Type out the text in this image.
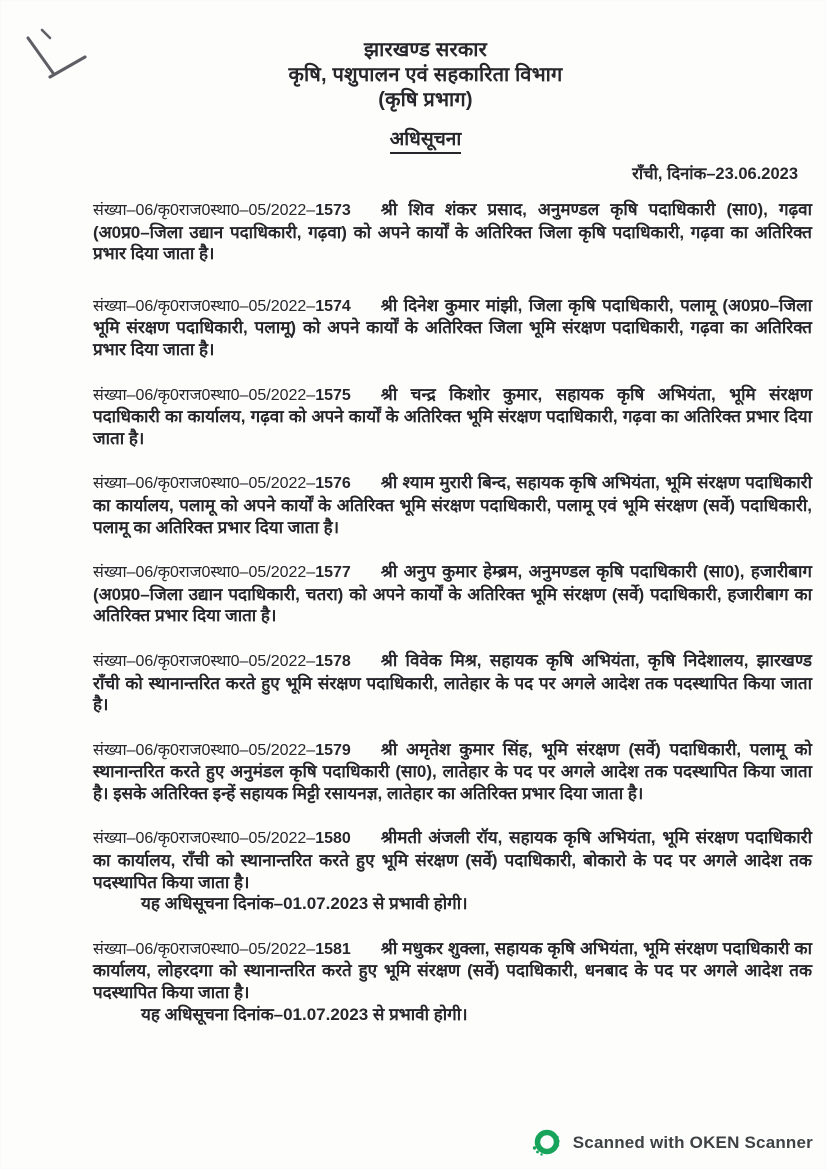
झारखण्ड सरकार
कृषि, पशुपालन एवं सहकारिता विभाग
(कृषि प्रभाग)
अधिसूचना
राँची, दिनांक–23.06.2023

संख्या–06/कृ0राज0स्था0–05/2022–1573 श्री शिव शंकर प्रसाद, अनुमण्डल कृषि पदाधिकारी (सा0), गढ़वा (अ0प्र0–जिला उद्यान पदाधिकारी, गढ़वा) को अपने कार्यों के अतिरिक्त जिला कृषि पदाधिकारी, गढ़वा का अतिरिक्त प्रभार दिया जाता है।

संख्या–06/कृ0राज0स्था0–05/2022–1574 श्री दिनेश कुमार मांझी, जिला कृषि पदाधिकारी, पलामू (अ0प्र0–जिला भूमि संरक्षण पदाधिकारी, पलामू) को अपने कार्यों के अतिरिक्त जिला भूमि संरक्षण पदाधिकारी, गढ़वा का अतिरिक्त प्रभार दिया जाता है।

संख्या–06/कृ0राज0स्था0–05/2022–1575 श्री चन्द्र किशोर कुमार, सहायक कृषि अभियंता, भूमि संरक्षण पदाधिकारी का कार्यालय, गढ़वा को अपने कार्यों के अतिरिक्त भूमि संरक्षण पदाधिकारी, गढ़वा का अतिरिक्त प्रभार दिया जाता है।

संख्या–06/कृ0राज0स्था0–05/2022–1576 श्री श्याम मुरारी बिन्द, सहायक कृषि अभियंता, भूमि संरक्षण पदाधिकारी का कार्यालय, पलामू को अपने कार्यों के अतिरिक्त भूमि संरक्षण पदाधिकारी, पलामू एवं भूमि संरक्षण (सर्वे) पदाधिकारी, पलामू का अतिरिक्त प्रभार दिया जाता है।

संख्या–06/कृ0राज0स्था0–05/2022–1577 श्री अनुप कुमार हेम्ब्रम, अनुमण्डल कृषि पदाधिकारी (सा0), हजारीबाग (अ0प्र0–जिला उद्यान पदाधिकारी, चतरा) को अपने कार्यों के अतिरिक्त भूमि संरक्षण (सर्वे) पदाधिकारी, हजारीबाग का अतिरिक्त प्रभार दिया जाता है।

संख्या–06/कृ0राज0स्था0–05/2022–1578 श्री विवेक मिश्र, सहायक कृषि अभियंता, कृषि निदेशालय, झारखण्ड राँची को स्थानान्तरित करते हुए भूमि संरक्षण पदाधिकारी, लातेहार के पद पर अगले आदेश तक पदस्थापित किया जाता है।

संख्या–06/कृ0राज0स्था0–05/2022–1579 श्री अमृतेश कुमार सिंह, भूमि संरक्षण (सर्वे) पदाधिकारी, पलामू को स्थानान्तरित करते हुए अनुमंडल कृषि पदाधिकारी (सा0), लातेहार के पद पर अगले आदेश तक पदस्थापित किया जाता है। इसके अतिरिक्त इन्हें सहायक मिट्टी रसायनज्ञ, लातेहार का अतिरिक्त प्रभार दिया जाता है।

संख्या–06/कृ0राज0स्था0–05/2022–1580 श्रीमती अंजली रॉय, सहायक कृषि अभियंता, भूमि संरक्षण पदाधिकारी का कार्यालय, राँची को स्थानान्तरित करते हुए भूमि संरक्षण (सर्वे) पदाधिकारी, बोकारो के पद पर अगले आदेश तक पदस्थापित किया जाता है।

यह अधिसूचना दिनांक–01.07.2023 से प्रभावी होगी।

संख्या–06/कृ0राज0स्था0–05/2022–1581 श्री मधुकर शुक्ला, सहायक कृषि अभियंता, भूमि संरक्षण पदाधिकारी का कार्यालय, लोहरदगा को स्थानान्तरित करते हुए भूमि संरक्षण (सर्वे) पदाधिकारी, धनबाद के पद पर अगले आदेश तक पदस्थापित किया जाता है।

यह अधिसूचना दिनांक–01.07.2023 से प्रभावी होगी।

Scanned with OKEN Scanner
